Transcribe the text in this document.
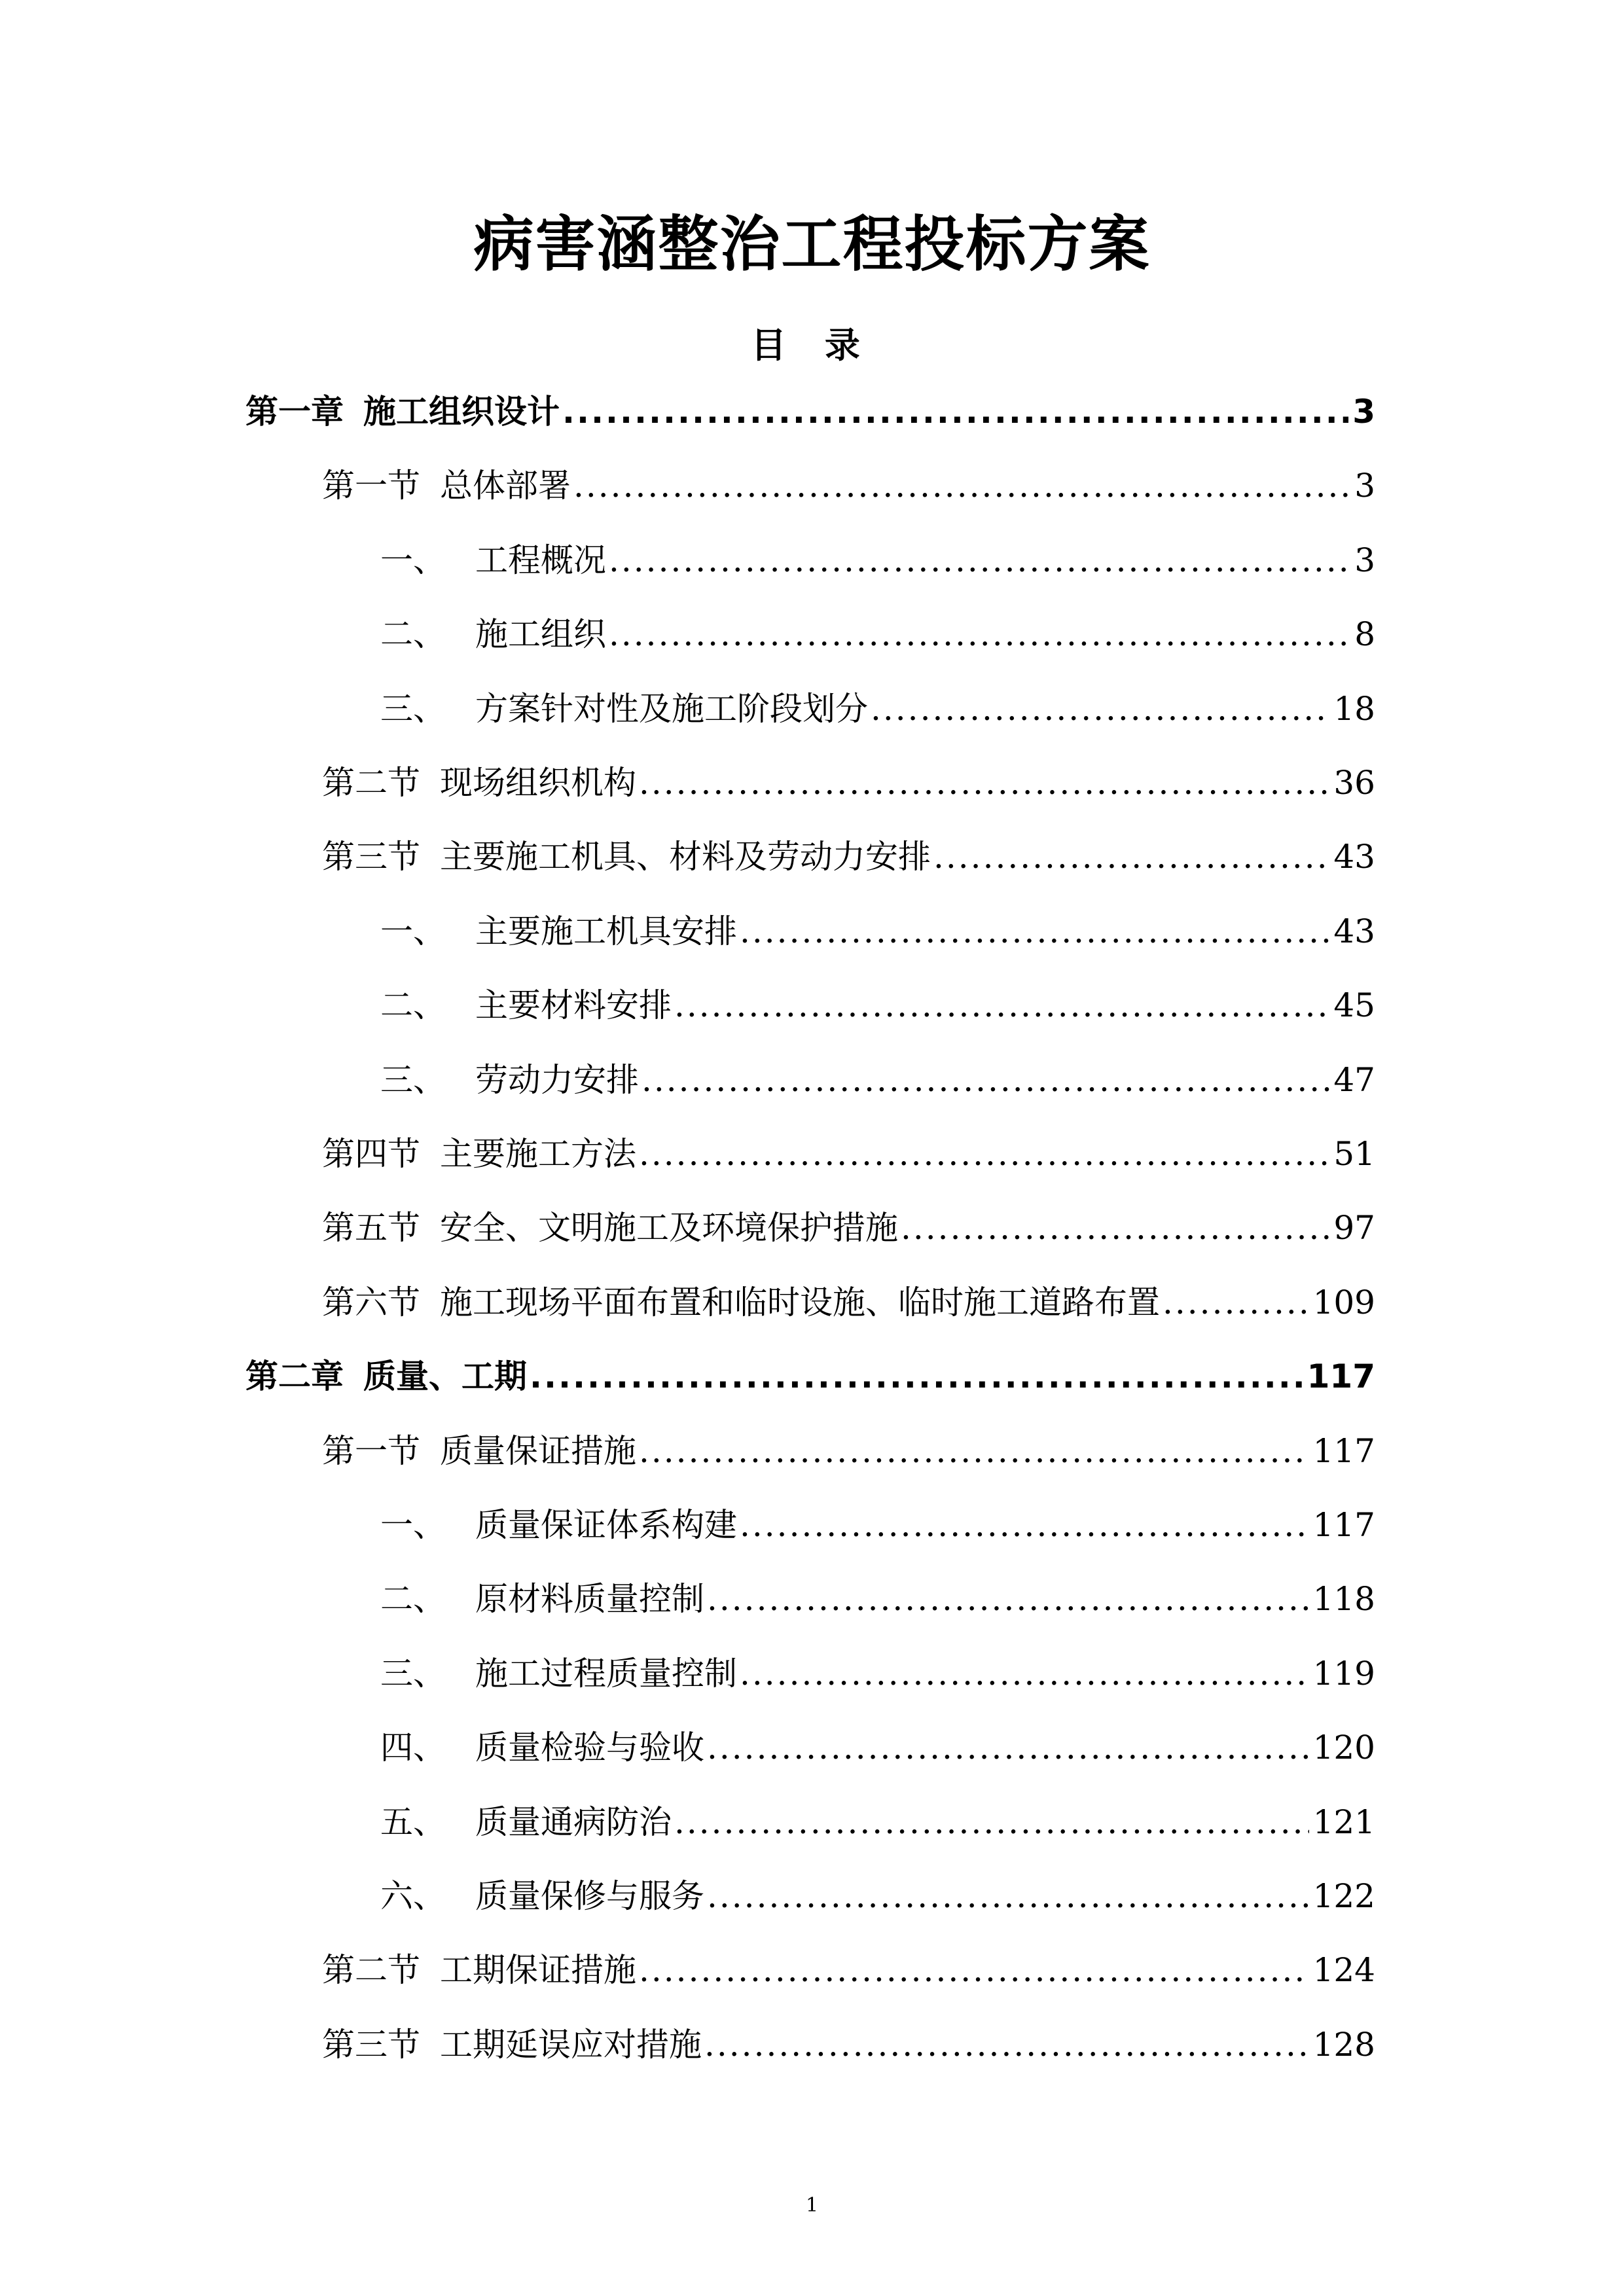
病害涵整治工程投标方案
目 录
第一章 施工组织设计 .....	3
第一节 总体部署 .....	3
一、 工程概况 .....	3
二、 施工组织 .....	8
三、 方案针对性及施工阶段划分 .....	18
第二节 现场组织机构 .....	36
第三节 主要施工机具、材料及劳动力安排 .....	43
一、 主要施工机具安排 .....	43
二、 主要材料安排 .....	45
三、 劳动力安排 .....	47
第四节 主要施工方法 .....	51
第五节 安全、文明施工及环境保护措施 .....	97
第六节 施工现场平面布置和临时设施、临时施工道路布置 .....	109
第二章 质量、工期 .....	117
第一节 质量保证措施 .....	117
一、 质量保证体系构建 .....	117
二、 原材料质量控制 .....	118
三、 施工过程质量控制 .....	119
四、 质量检验与验收 .....	120
五、 质量通病防治 .....	121
六、 质量保修与服务 .....	122
第二节 工期保证措施 .....	124
第三节 工期延误应对措施 .....	128
1
